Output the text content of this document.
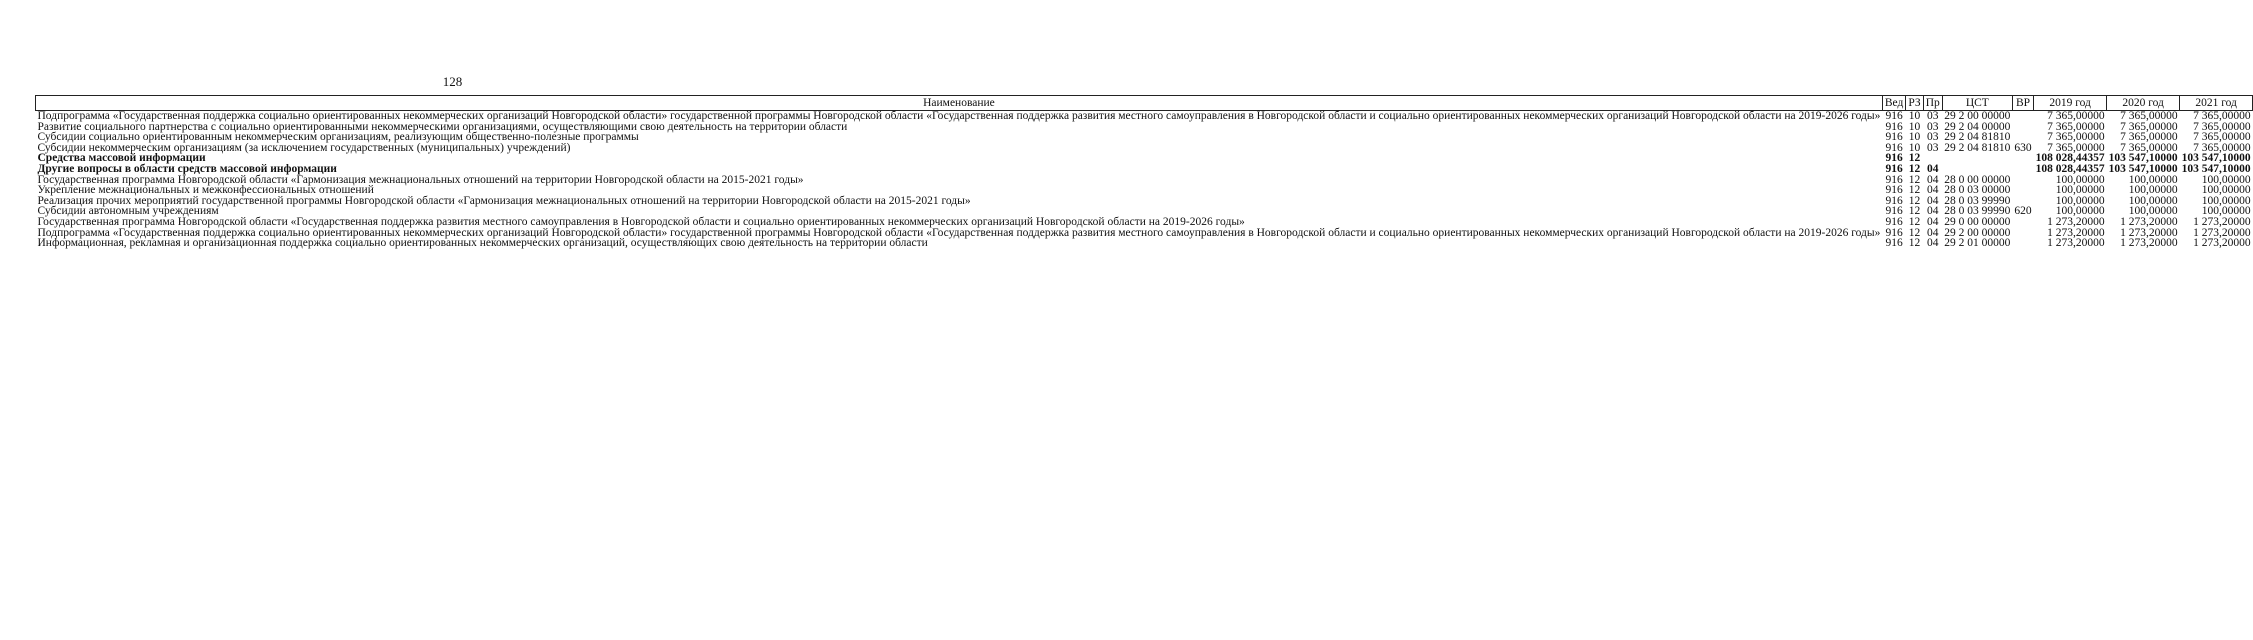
128
Наименование	Вед	РЗ	Пр	ЦСТ	ВР	2019 год	2020 год	2021 год
Подпрограмма «Государственная поддержка социально ориентированных некоммерческих организаций Новгородской области» государственной программы Новгородской области «Государственная поддержка развития местного самоуправления в Новгородской области и социально ориентированных некоммерческих организаций Новгородской области на 2019-2026 годы»	916	10	03	29 2 00 00000		7 365,00000	7 365,00000	7 365,00000
Развитие социального партнерства с социально ориентированными некоммерческими организациями, осуществляющими свою деятельность на территории области	916	10	03	29 2 04 00000		7 365,00000	7 365,00000	7 365,00000
Субсидии социально ориентированным некоммерческим организациям, реализующим общественно-полезные программы	916	10	03	29 2 04 81810		7 365,00000	7 365,00000	7 365,00000
Субсидии некоммерческим организациям (за исключением государственных (муниципальных) учреждений)	916	10	03	29 2 04 81810	630	7 365,00000	7 365,00000	7 365,00000
Средства массовой информации	916	12				108 028,44357	103 547,10000	103 547,10000
Другие вопросы в области средств массовой информации	916	12	04			108 028,44357	103 547,10000	103 547,10000
Государственная программа Новгородской области «Гармонизация межнациональных отношений на территории Новгородской области на 2015-2021 годы»	916	12	04	28 0 00 00000		100,00000	100,00000	100,00000
Укрепление межнациональных и межконфессиональных отношений	916	12	04	28 0 03 00000		100,00000	100,00000	100,00000
Реализация прочих мероприятий государственной программы Новгородской области «Гармонизация межнациональных отношений на территории Новгородской области на 2015-2021 годы»	916	12	04	28 0 03 99990		100,00000	100,00000	100,00000
Субсидии автономным учреждениям	916	12	04	28 0 03 99990	620	100,00000	100,00000	100,00000
Государственная программа Новгородской области «Государственная поддержка развития местного самоуправления в Новгородской области и социально ориентированных некоммерческих организаций Новгородской области на 2019-2026 годы»	916	12	04	29 0 00 00000		1 273,20000	1 273,20000	1 273,20000
Подпрограмма «Государственная поддержка социально ориентированных некоммерческих организаций Новгородской области» государственной программы Новгородской области «Государственная поддержка развития местного самоуправления в Новгородской области и социально ориентированных некоммерческих организаций Новгородской области на 2019-2026 годы»	916	12	04	29 2 00 00000		1 273,20000	1 273,20000	1 273,20000
Информационная, рекламная и организационная поддержка социально ориентированных некоммерческих организаций, осуществляющих свою деятельность на территории области	916	12	04	29 2 01 00000		1 273,20000	1 273,20000	1 273,20000
